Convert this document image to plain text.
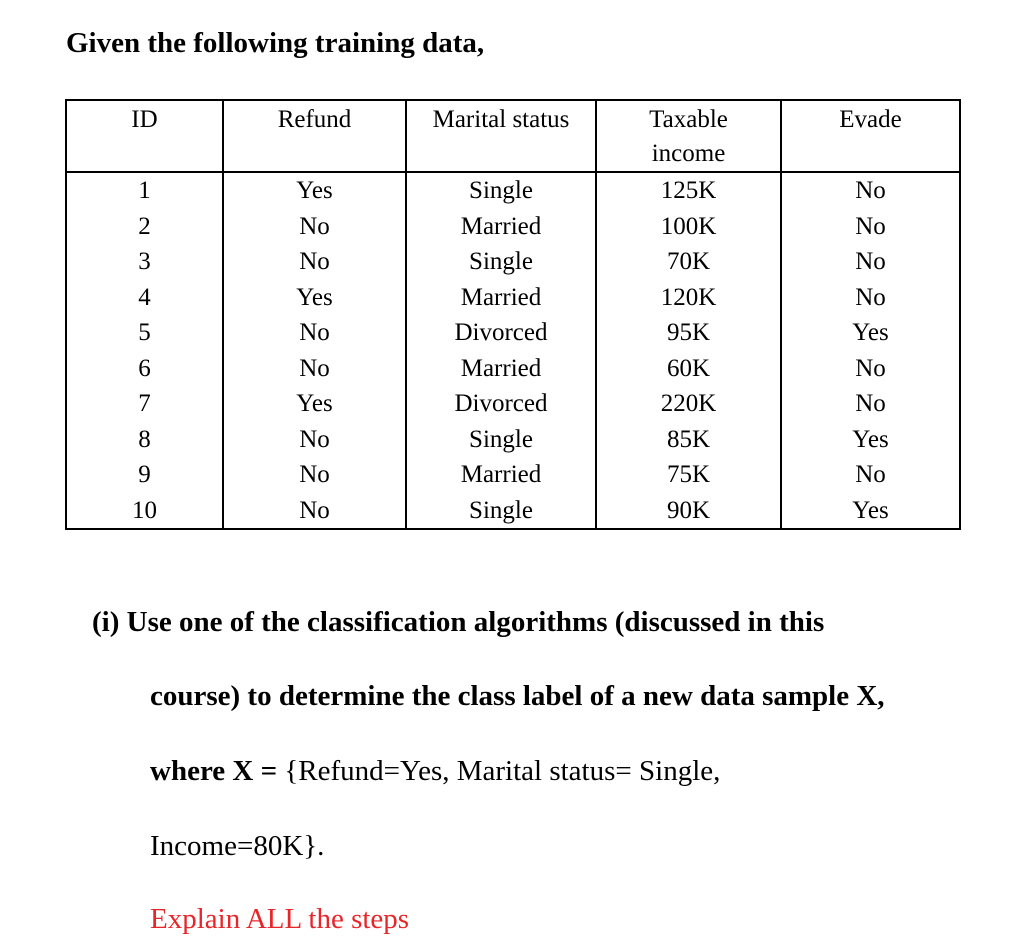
Given the following training data,
ID	Refund	Marital status	Taxable income	Evade
1	Yes	Single	125K	No
2	No	Married	100K	No
3	No	Single	70K	No
4	Yes	Married	120K	No
5	No	Divorced	95K	Yes
6	No	Married	60K	No
7	Yes	Divorced	220K	No
8	No	Single	85K	Yes
9	No	Married	75K	No
10	No	Single	90K	Yes
(i) Use one of the classification algorithms (discussed in this
course) to determine the class label of a new data sample X,
where X = {Refund=Yes, Marital status= Single,
Income=80K}.
Explain ALL the steps
